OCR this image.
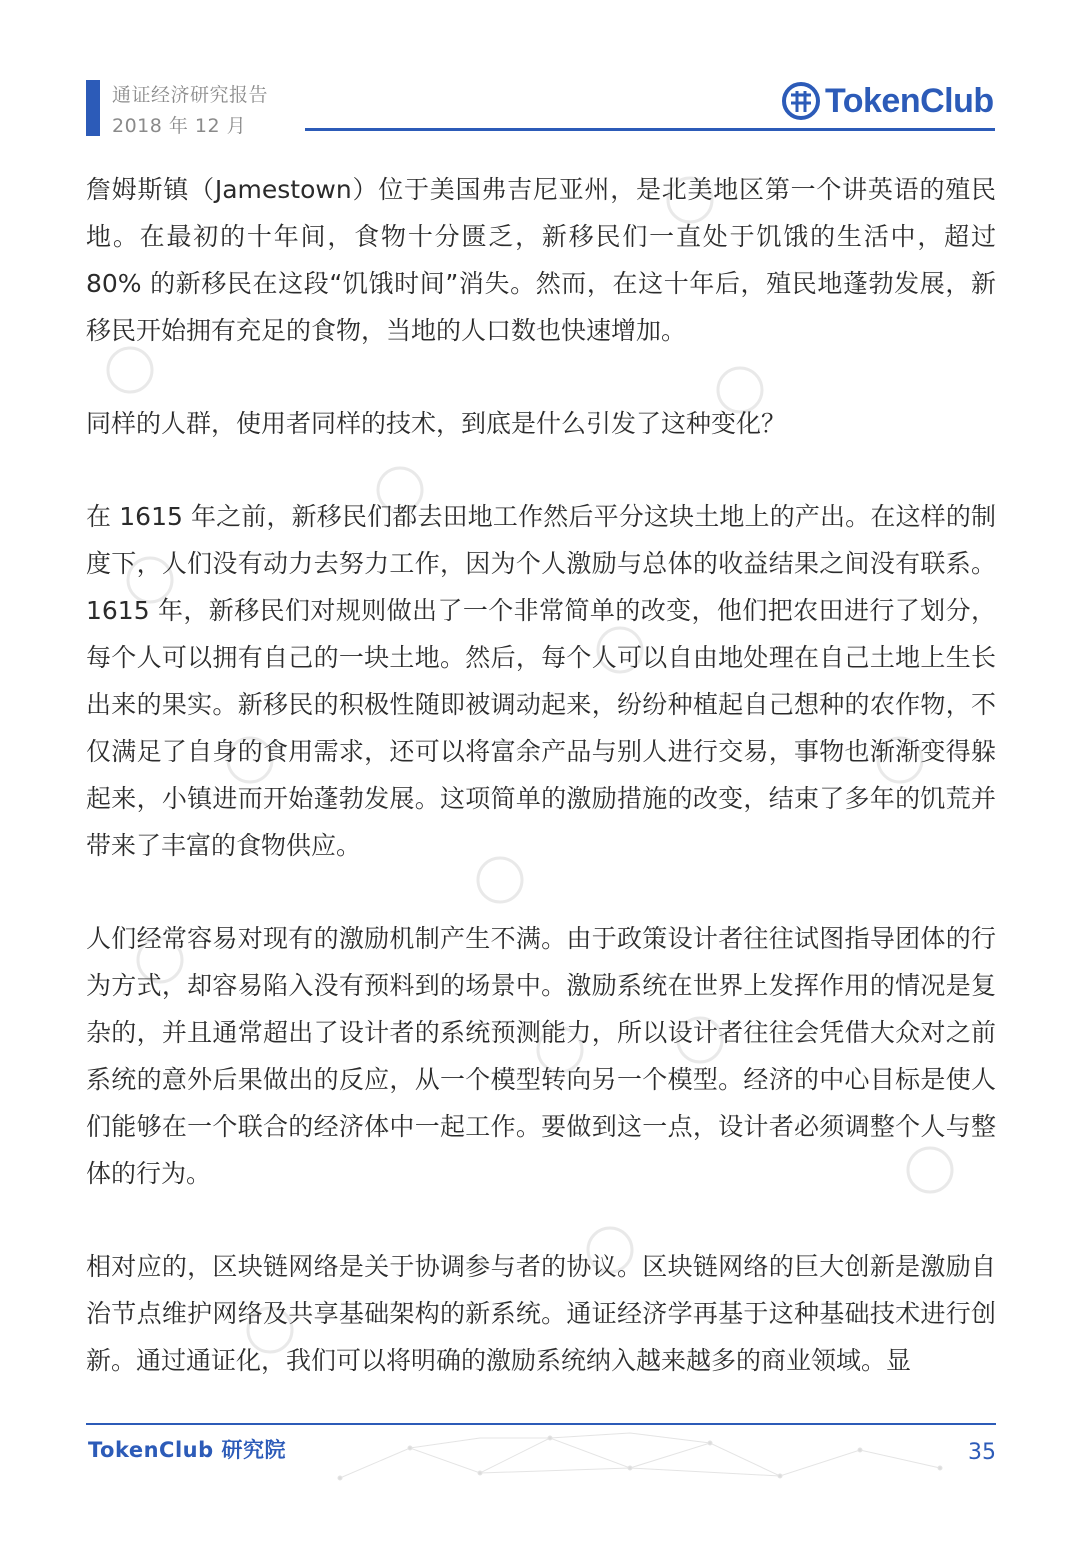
通证经济研究报告
2018 年 12 月
TokenClub

詹姆斯镇（Jamestown）位于美国弗吉尼亚州，是北美地区第一个讲英语的殖民地。在最初的十年间，食物十分匮乏，新移民们一直处于饥饿的生活中，超过 80% 的新移民在这段“饥饿时间”消失。然而，在这十年后，殖民地蓬勃发展，新移民开始拥有充足的食物，当地的人口数也快速增加。

同样的人群，使用者同样的技术，到底是什么引发了这种变化？

在 1615 年之前，新移民们都去田地工作然后平分这块土地上的产出。在这样的制度下，人们没有动力去努力工作，因为个人激励与总体的收益结果之间没有联系。1615 年，新移民们对规则做出了一个非常简单的改变，他们把农田进行了划分，每个人可以拥有自己的一块土地。然后，每个人可以自由地处理在自己土地上生长出来的果实。新移民的积极性随即被调动起来，纷纷种植起自己想种的农作物，不仅满足了自身的食用需求，还可以将富余产品与别人进行交易，事物也渐渐变得躲起来，小镇进而开始蓬勃发展。这项简单的激励措施的改变，结束了多年的饥荒并带来了丰富的食物供应。

人们经常容易对现有的激励机制产生不满。由于政策设计者往往试图指导团体的行为方式，却容易陷入没有预料到的场景中。激励系统在世界上发挥作用的情况是复杂的，并且通常超出了设计者的系统预测能力，所以设计者往往会凭借大众对之前系统的意外后果做出的反应，从一个模型转向另一个模型。经济的中心目标是使人们能够在一个联合的经济体中一起工作。要做到这一点，设计者必须调整个人与整体的行为。

相对应的，区块链网络是关于协调参与者的协议。区块链网络的巨大创新是激励自治节点维护网络及共享基础架构的新系统。通证经济学再基于这种基础技术进行创新。通过通证化，我们可以将明确的激励系统纳入越来越多的商业领域。显

TokenClub 研究院	35
